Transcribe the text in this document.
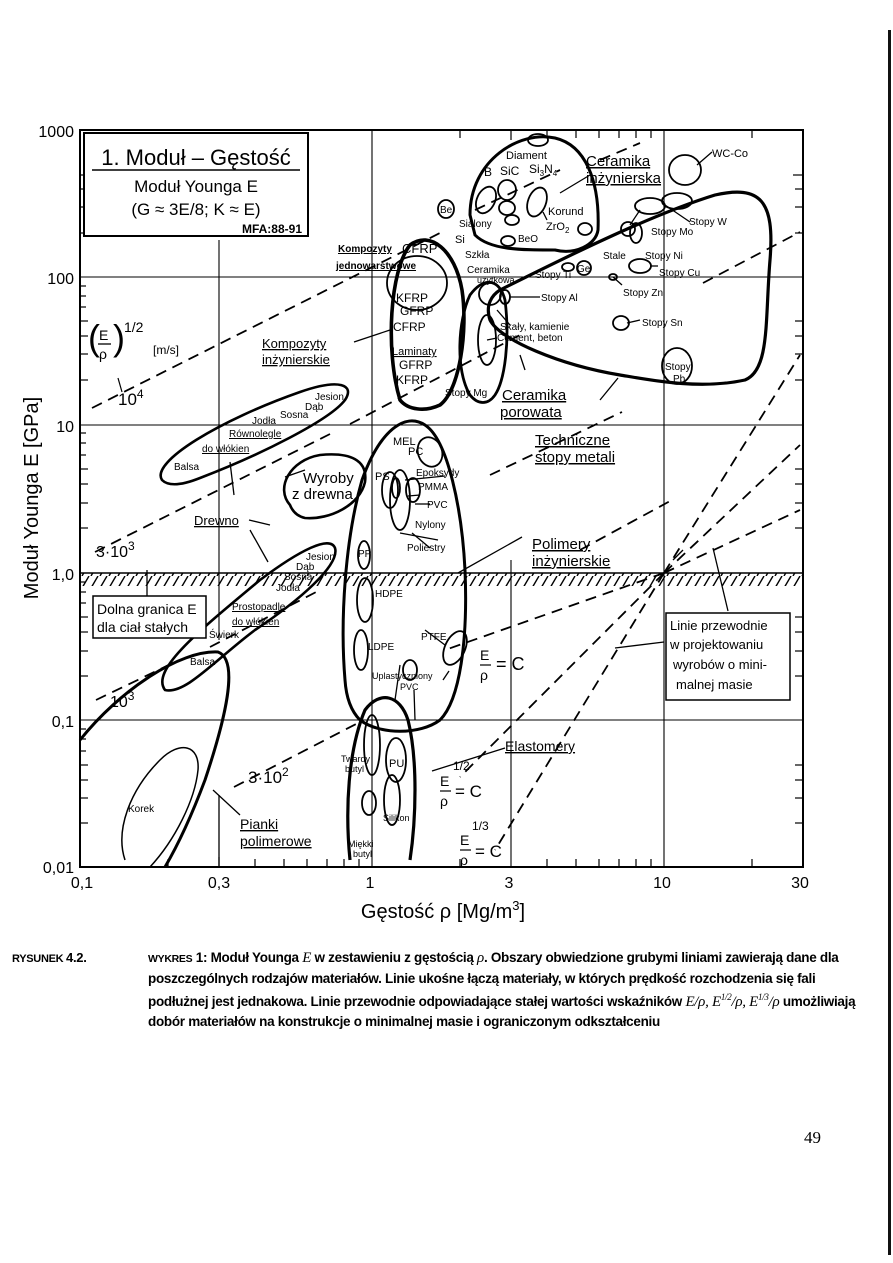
1000
100
10
1,0
0,1
0,01
0,1	0,3	1	3	10	30
Gęstość ρ $[Mg/m^3]$
Moduł Younga E [GPa]
1. Moduł – Gęstość
Moduł Younga E
(G ≈ 3E/8; K ≈ E)
MFA:88-91
Diament
B SiC $Si_3N_4$
Korund
Be
Sialony	ZrO$_2$
BeO
Si
Szkła
Ceramika
użytkowa Stopy Ti
Ge
Stale Stopy Ni
Stopy Mo
Stopy W
Stopy Cu
Stopy Zn
Stopy Al
Stopy Sn
Stopy
Pb
WC-Co
Skały, kamienie
Cement, beton
Stopy Mg
Ceramika
inżynierska
Ceramika
porowata
Techniczne
stopy metali
Kompozyty
jednowarstwowe
Kompozyty
inżynierskie
Równolegle
do włókien
Drewno
Polimery
inżynierskie
Prostopadle
do włókien
Elastomery
Pianki
polimerowe
CFRP
KFRP
GFRP
CFRP
Laminaty
GFRP
KFRP
( E
ρ ) 1/2
[m/s]
$10^4$
$3\cdot 10^3$
$10^3$
$3\cdot 10^2$
Jesion
Dąb
Sosna
Jodła
Balsa
Wyroby
z drewna
Jesion
Dąb
Sosna
Jodła
Świerk
Balsa
Dolna granica E
dla ciał stałych
MEL
PC
PS	Epoksydy
PMMA
PVC
Nylony
Poliestry
PP
HDPE
LDPE
PTFE
Uplastyczniony
PVC
E
ρ
= C
E
1/2
ρ = C
E
1/3
ρ = C
Linie przewodnie
w projektowaniu
wyrobów o mini-
malnej masie
Twardy
butyl PU
Silikon
Miękki
butyl
Korek
RYSUNEK 4.2.	WYKRES 1: Moduł Younga E w zestawieniu z gęstością ρ. Obszary obwiedzione grubymi liniami zawierają dane dla poszczególnych rodzajów materiałów. Linie ukośne łączą materiały, w których prędkość rozchodzenia się fali podłużnej jest jednakowa. Linie przewodnie odpowiadające stałej wartości wskaźników E/ρ, $E^{1/2}/\rho$, $E^{1/3}/\rho$ umożliwiają dobór materiałów na konstrukcje o minimalnej masie i ograniczonym odkształceniu
49
